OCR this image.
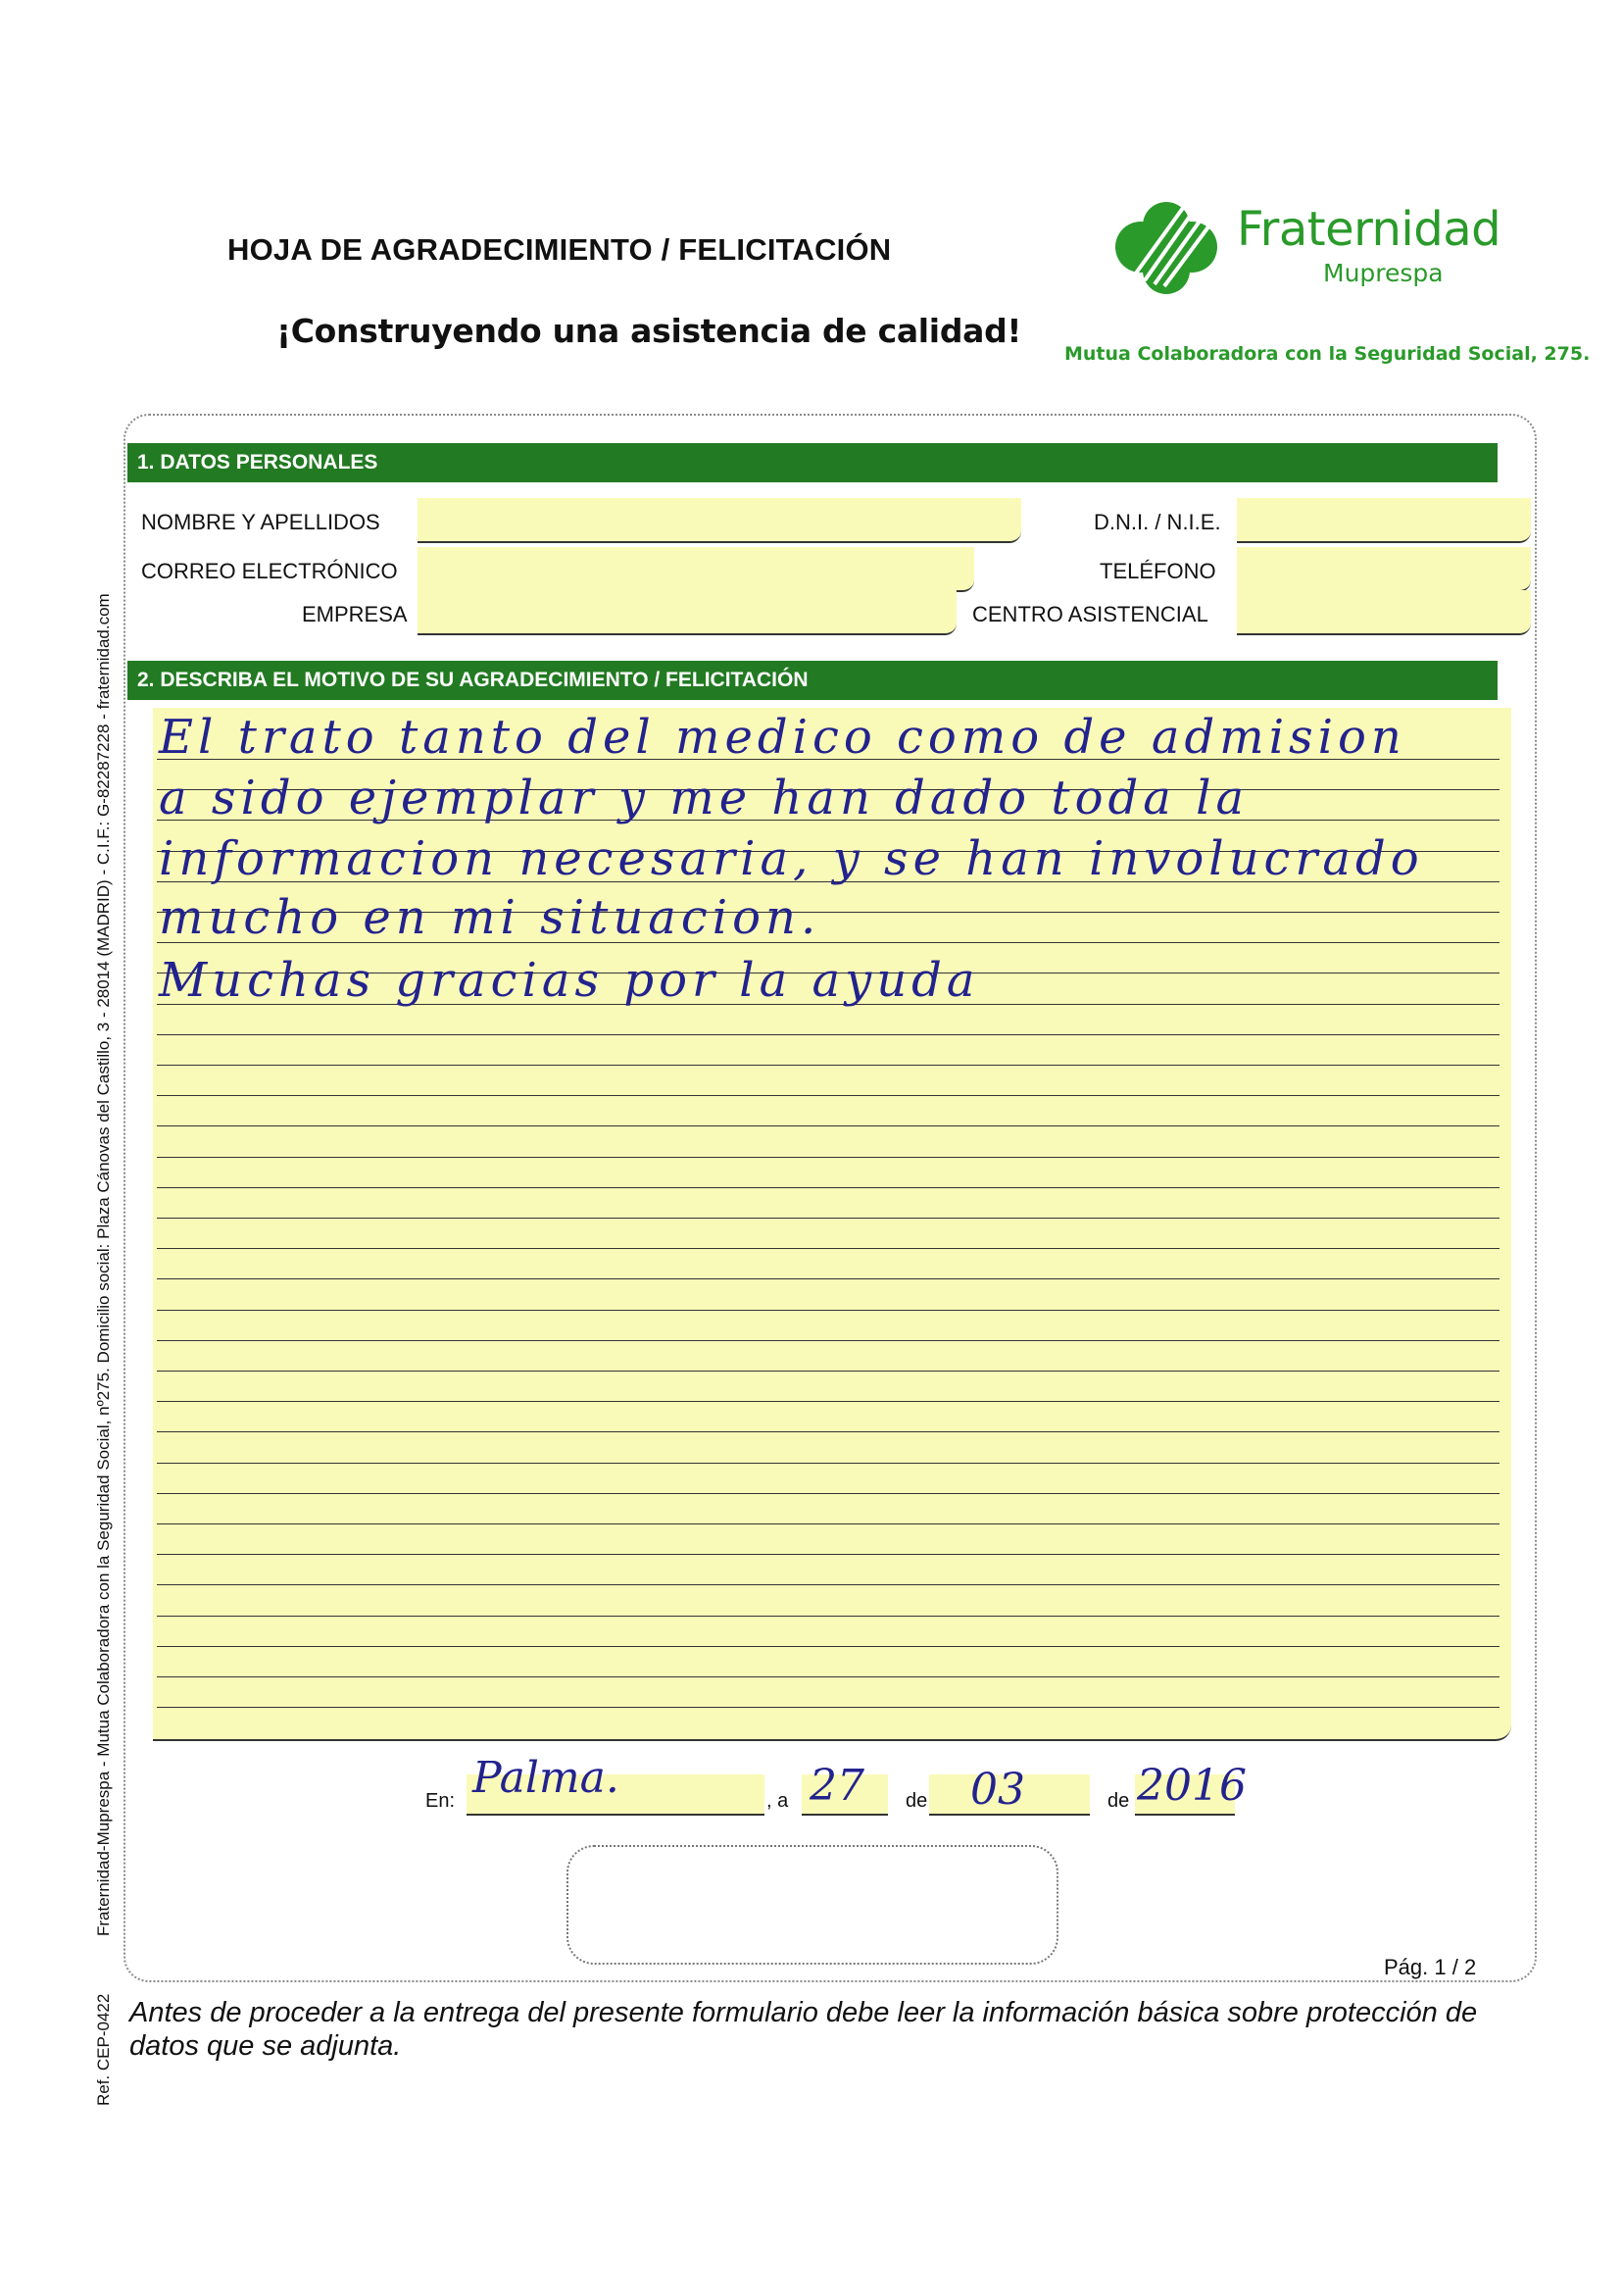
HOJA DE AGRADECIMIENTO / FELICITACIÓN
¡Construyendo una asistencia de calidad!
Fraternidad
Muprespa
Mutua Colaboradora con la Seguridad Social, 275.
1. DATOS PERSONALES
NOMBRE Y APELLIDOS	D.N.I. / N.I.E.
CORREO ELECTRÓNICO	TELÉFONO
EMPRESA	CENTRO ASISTENCIAL
2. DESCRIBA EL MOTIVO DE SU AGRADECIMIENTO / FELICITACIÓN
El trato tanto del medico como de admision
a sido ejemplar y me han dado toda la
informacion necesaria, y se han involucrado
mucho en mi situacion.
Muchas gracias por la ayuda
En: Palma.	, a 27 de 03	de 2016
Pág. 1 / 2
Antes de proceder a la entrega del presente formulario debe leer la información básica sobre protección de datos que se adjunta.
Fraternidad-Muprespa - Mutua Colaboradora con la Seguridad Social, nº275. Domicilio social: Plaza Cánovas del Castillo, 3 - 28014 (MADRID) - C.I.F.: G-82287228 - fraternidad.com
Ref. CEP-0422
